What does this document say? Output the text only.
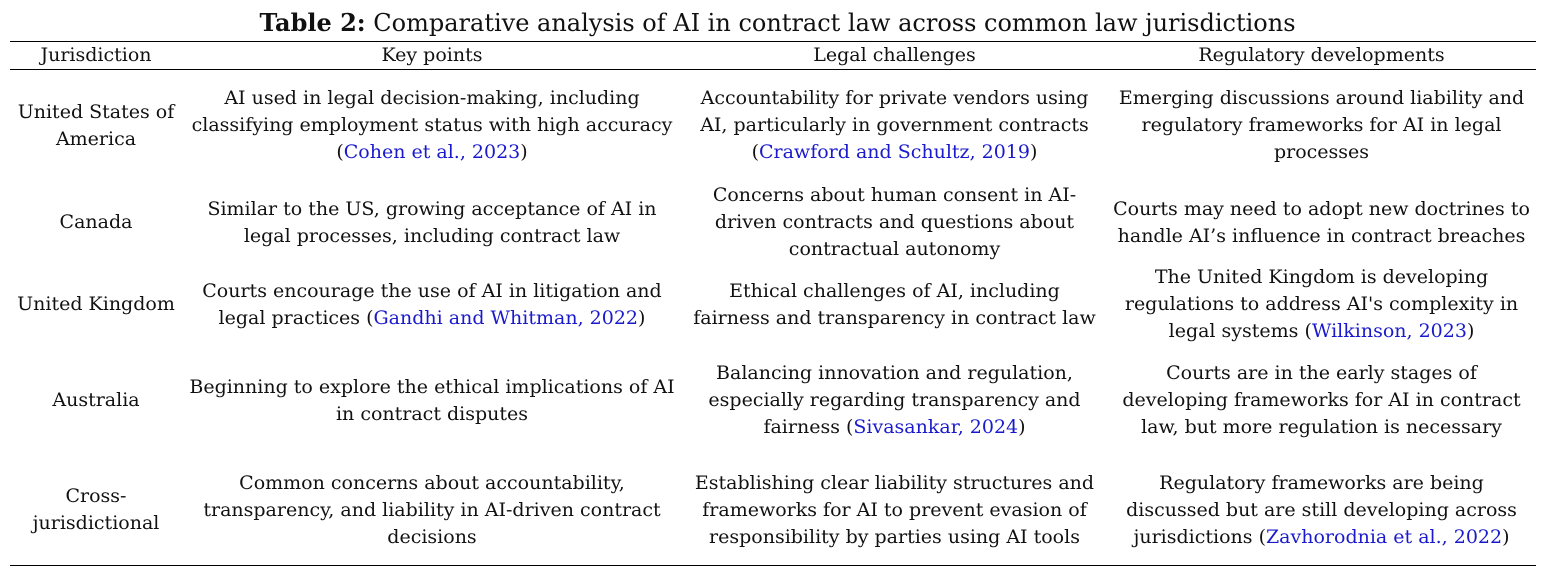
Table 2: Comparative analysis of AI in contract law across common law jurisdictions
Jurisdiction	Key points	Legal challenges	Regulatory developments
United States of America	AI used in legal decision-making, including classifying employment status with high accuracy (Cohen et al., 2023)	Accountability for private vendors using AI, particularly in government contracts (Crawford and Schultz, 2019)	Emerging discussions around liability and regulatory frameworks for AI in legal processes
Canada	Similar to the US, growing acceptance of AI in legal processes, including contract law	Concerns about human consent in AI-driven contracts and questions about contractual autonomy	Courts may need to adopt new doctrines to handle AI’s influence in contract breaches
United Kingdom	Courts encourage the use of AI in litigation and legal practices (Gandhi and Whitman, 2022)	Ethical challenges of AI, including fairness and transparency in contract law	The United Kingdom is developing regulations to address AI's complexity in legal systems (Wilkinson, 2023)
Australia	Beginning to explore the ethical implications of AI in contract disputes	Balancing innovation and regulation, especially regarding transparency and fairness (Sivasankar, 2024)	Courts are in the early stages of developing frameworks for AI in contract law, but more regulation is necessary
Cross-jurisdictional	Common concerns about accountability, transparency, and liability in AI-driven contract decisions	Establishing clear liability structures and frameworks for AI to prevent evasion of responsibility by parties using AI tools	Regulatory frameworks are being discussed but are still developing across jurisdictions (Zavhorodnia et al., 2022)
